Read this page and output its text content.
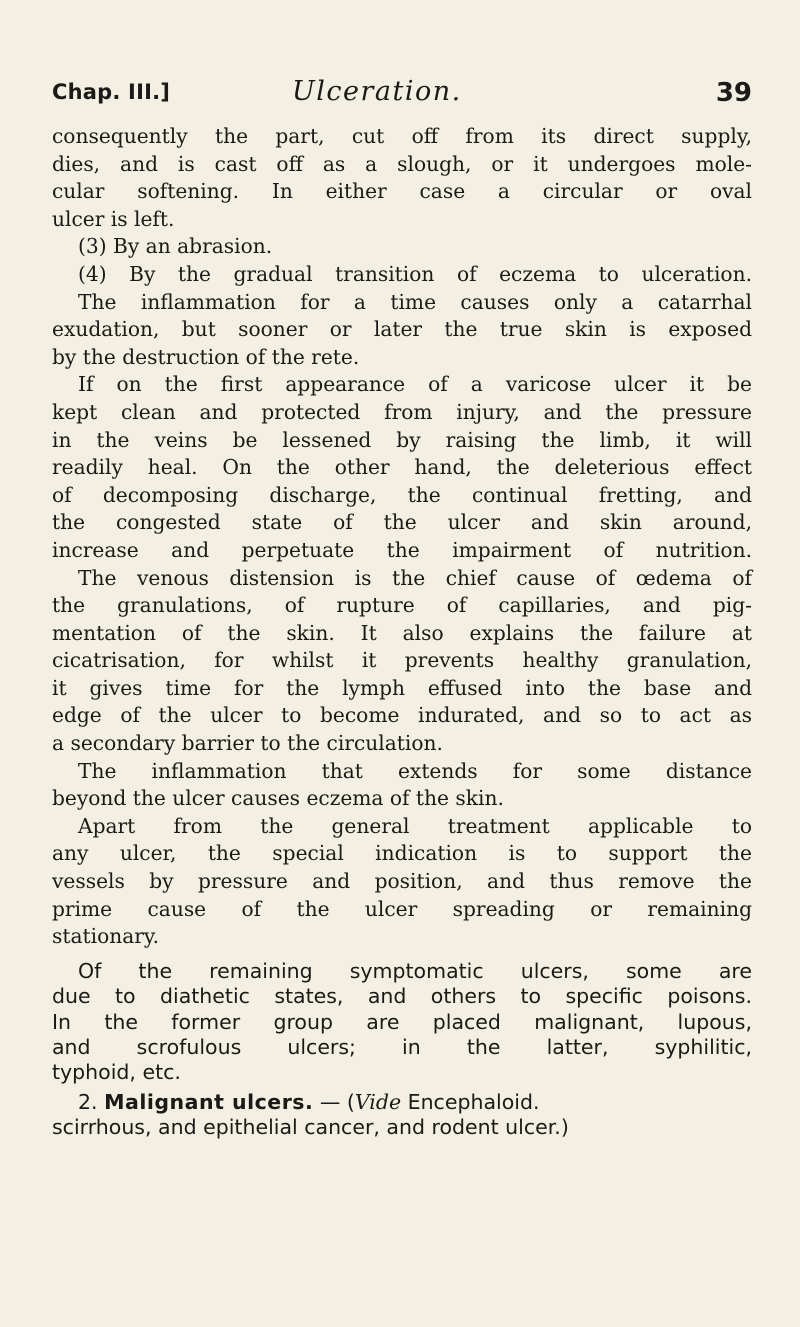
Chap. III.]	Ulceration.	39
consequently the part, cut off from its direct supply,
dies, and is cast off as a slough, or it undergoes mole-
cular softening. In either case a circular or oval
ulcer is left.
(3) By an abrasion.
(4) By the gradual transition of eczema to ulceration.
The inflammation for a time causes only a catarrhal
exudation, but sooner or later the true skin is exposed
by the destruction of the rete.
If on the first appearance of a varicose ulcer it be
kept clean and protected from injury, and the pressure
in the veins be lessened by raising the limb, it will
readily heal. On the other hand, the deleterious effect
of decomposing discharge, the continual fretting, and
the congested state of the ulcer and skin around,
increase and perpetuate the impairment of nutrition.
The venous distension is the chief cause of œdema of
the granulations, of rupture of capillaries, and pig-
mentation of the skin. It also explains the failure at
cicatrisation, for whilst it prevents healthy granulation,
it gives time for the lymph effused into the base and
edge of the ulcer to become indurated, and so to act as
a secondary barrier to the circulation.
The inflammation that extends for some distance
beyond the ulcer causes eczema of the skin.
Apart from the general treatment applicable to
any ulcer, the special indication is to support the
vessels by pressure and position, and thus remove the
prime cause of the ulcer spreading or remaining
stationary.
Of the remaining symptomatic ulcers, some are
due to diathetic states, and others to specific poisons.
In the former group are placed malignant, lupous,
and scrofulous ulcers; in the latter, syphilitic,
typhoid, etc.
2. Malignant ulcers. — (Vide Encephaloid.
scirrhous, and epithelial cancer, and rodent ulcer.)
